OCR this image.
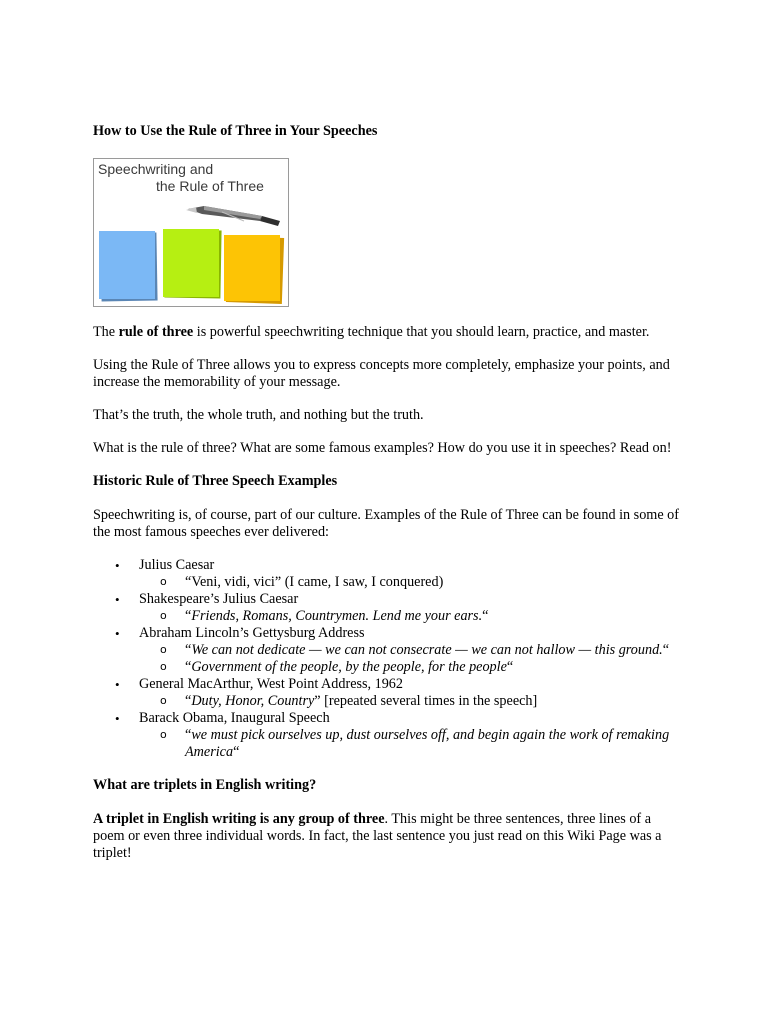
How to Use the Rule of Three in Your Speeches
Speechwriting and
the Rule of Three

The rule of three is powerful speechwriting technique that you should learn, practice, and master.

Using the Rule of Three allows you to express concepts more completely, emphasize your points, and increase the memorability of your message.

That’s the truth, the whole truth, and nothing but the truth.

What is the rule of three? What are some famous examples? How do you use it in speeches? Read on!

Historic Rule of Three Speech Examples

Speechwriting is, of course, part of our culture. Examples of the Rule of Three can be found in some of the most famous speeches ever delivered:

• Julius Caesar
o “Veni, vidi, vici” (I came, I saw, I conquered)
• Shakespeare’s Julius Caesar
o “Friends, Romans, Countrymen. Lend me your ears.“
• Abraham Lincoln’s Gettysburg Address
o “We can not dedicate — we can not consecrate — we can not hallow — this ground.“
o “Government of the people, by the people, for the people“
• General MacArthur, West Point Address, 1962
o “Duty, Honor, Country” [repeated several times in the speech]
• Barack Obama, Inaugural Speech
o “we must pick ourselves up, dust ourselves off, and begin again the work of remaking America“
What are triplets in English writing?

A triplet in English writing is any group of three. This might be three sentences, three lines of a poem or even three individual words. In fact, the last sentence you just read on this Wiki Page was a triplet!
